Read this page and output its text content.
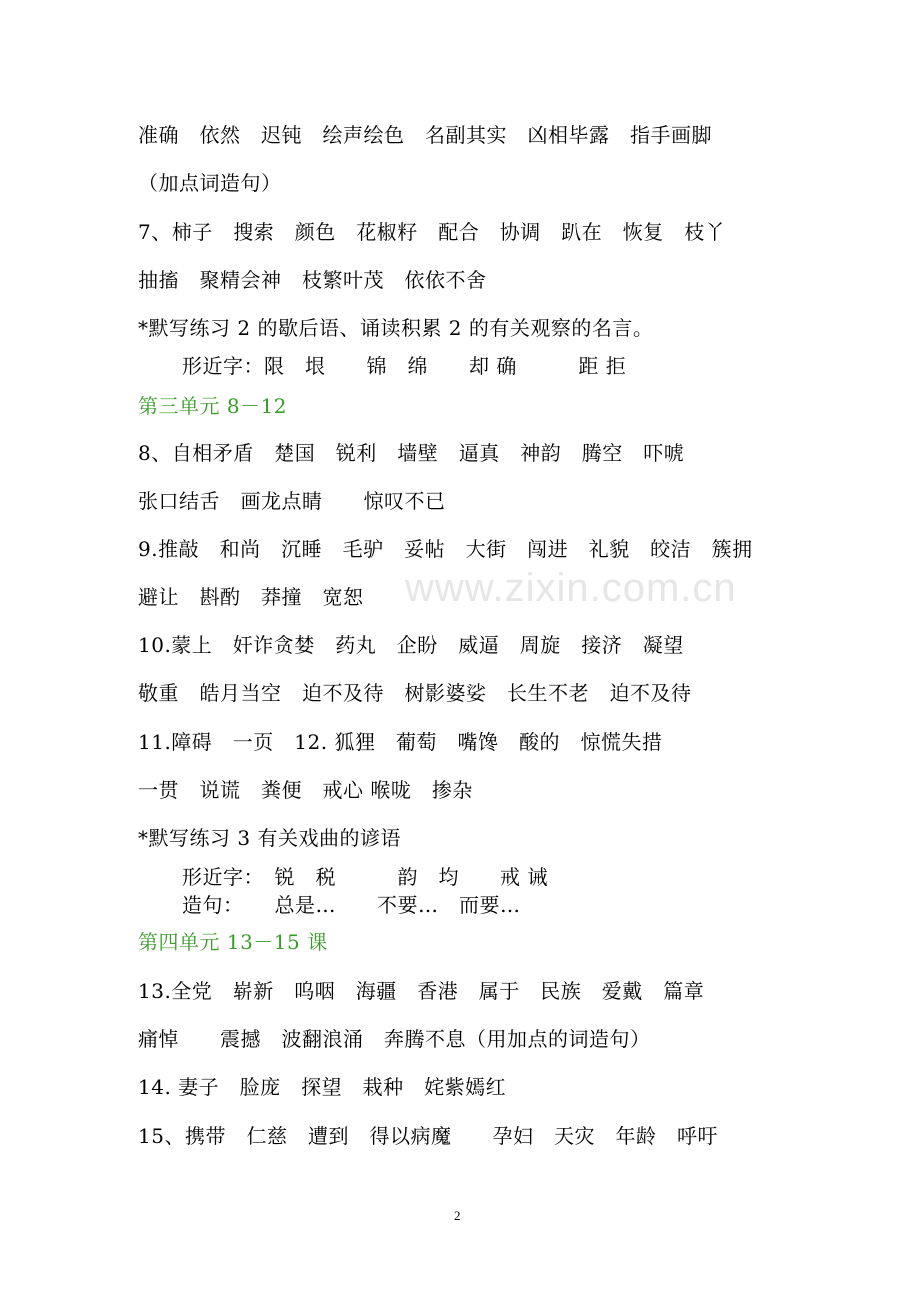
准确　依然　迟钝　绘声绘色　名副其实　凶相毕露　指手画脚
（加点词造句）
7、柿子　搜索　颜色　花椒籽　配合　协调　趴在　恢复　枝丫
抽搐　聚精会神　枝繁叶茂　依依不舍
*默写练习 2 的歇后语、诵读积累 2 的有关观察的名言。
形近字：限　垠　　锦　绵　　却 确　　　距 拒
第三单元 8－12
8、自相矛盾　楚国　锐利　墙壁　逼真　神韵　腾空　吓唬
张口结舌　画龙点睛　　惊叹不已
9.推敲　和尚　沉睡　毛驴　妥帖　大街　闯进　礼貌　皎洁　簇拥
避让　斟酌　莽撞　宽恕
10.蒙上　奸诈贪婪　药丸　企盼　威逼　周旋　接济　凝望
敬重　皓月当空　迫不及待　树影婆娑　长生不老　迫不及待
11.障碍　一页　12. 狐狸　葡萄　嘴馋　酸的　惊慌失措
一贯　说谎　粪便　戒心 喉咙　掺杂
*默写练习 3 有关戏曲的谚语
形近字：　锐　税　　　韵　均　　戒 诫
造句：　　总是…　　不要…　而要…
第四单元 13－15 课
13.全党　崭新　呜咽　海疆　香港　属于　民族　爱戴　篇章
痛悼　　震撼　波翻浪涌　奔腾不息（用加点的词造句）
14. 妻子　脸庞　探望　栽种　姹紫嫣红
15、携带　仁慈　遭到　得以病魔　　孕妇　天灾　年龄　呼吁
www.zixin.com.cn
2
